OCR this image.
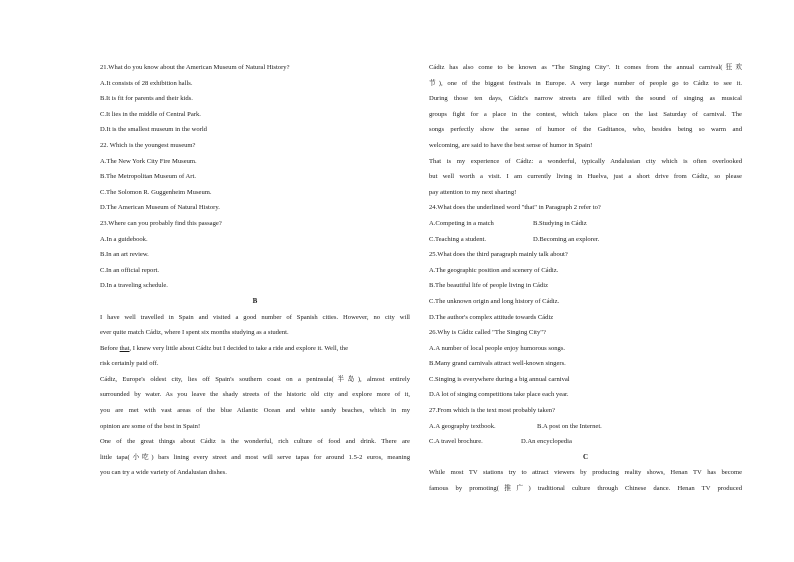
21.What do you know about the American Museum of Natural History?
A.It consists of 28 exhibition halls.
B.It is fit for parents and their kids.
C.It lies in the middle of Central Park.
D.It is the smallest museum in the world
22. Which is the youngest museum?
A.The New York City Fire Museum.
B.The Metropolitan Museum of Art.
C.The Solomon R. Guggenheim Museum.
D.The American Museum of Natural History.
23.Where can you probably find this passage?
A.In a guidebook.
B.In an art review.
C.In an official report.
D.In a traveling schedule.
B
I have well travelled in Spain and visited a good number of Spanish cities. However, no city will
ever quite match Cádiz, where I spent six months studying as a student.
Before that, I knew very little about Cádiz but I decided to take a ride and explore it. Well, the
risk certainly paid off.
Cádiz, Europe's oldest city, lies off Spain's southern coast on a peninsula(半岛), almost entirely
surrounded by water. As you leave the shady streets of the historic old city and explore more of it,
you are met with vast areas of the blue Atlantic Ocean and white sandy beaches, which in my
opinion are some of the best in Spain!
One of the great things about Cádiz is the wonderful, rich culture of food and drink. There are
little tapa(小吃) bars lining every street and most will serve tapas for around 1.5-2 euros, meaning
you can try a wide variety of Andalusian dishes.
Cádiz has also come to be known as "The Singing City". It comes from the annual carnival(狂欢
节), one of the biggest festivals in Europe. A very large number of people go to Cádiz to see it.
During those ten days, Cádiz's narrow streets are filled with the sound of singing as musical
groups fight for a place in the contest, which takes place on the last Saturday of carnival. The
songs perfectly show the sense of humor of the Gaditanos, who, besides being so warm and
welcoming, are said to have the best sense of humor in Spain!
That is my experience of Cádiz: a wonderful, typically Andalusian city which is often overlooked
but well worth a visit. I am currently living in Huelva, just a short drive from Cádiz, so please
pay attention to my next sharing!
24.What does the underlined word "that" in Paragraph 2 refer to?
A.Competing in a match	B.Studying in Cádiz
C.Teaching a student.	D.Becoming an explorer.
25.What does the third paragraph mainly talk about?
A.The geographic position and scenery of Cádiz.
B.The beautiful life of people living in Cádiz
C.The unknown origin and long history of Cádiz.
D.The author's complex attitude towards Cádiz
26.Why is Cádiz called "The Singing City"?
A.A number of local people enjoy humorous songs.
B.Many grand carnivals attract well-known singers.
C.Singing is everywhere during a big annual carnival
D.A lot of singing competitions take place each year.
27.From which is the text most probably taken?
A.A geography textbook.	B.A post on the Internet.
C.A travel brochure.	D.An encyclopedia
C
While most TV stations try to attract viewers by producing reality shows, Henan TV has become
famous by promoting(推广) traditional culture through Chinese dance. Henan TV produced
